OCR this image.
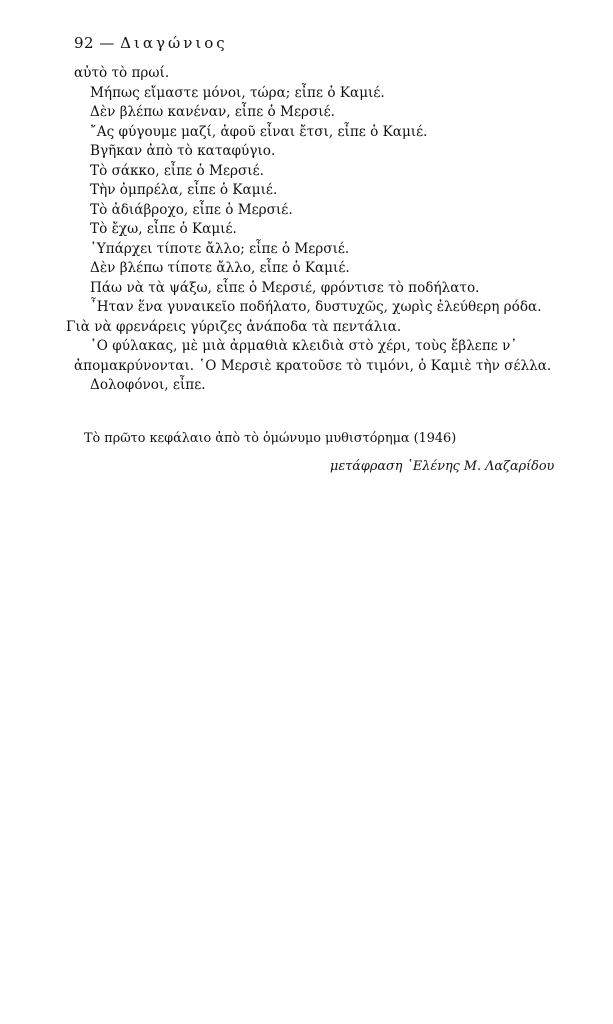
92 — Διαγώνιος
αὐτὸ τὸ πρωί.
Μήπως εἴμαστε μόνοι, τώρα; εἶπε ὁ Καμιέ.
Δὲν βλέπω κανέναν, εἶπε ὁ Μερσιέ.
῎Ας φύγουμε μαζί, ἀφοῦ εἶναι ἔτσι, εἶπε ὁ Καμιέ.
Βγῆκαν ἀπὸ τὸ καταφύγιο.
Τὸ σάκκο, εἶπε ὁ Μερσιέ.
Τὴν ὀμπρέλα, εἶπε ὁ Καμιέ.
Τὸ ἀδιάβροχο, εἶπε ὁ Μερσιέ.
Τὸ ἔχω, εἶπε ὁ Καμιέ.
῾Υπάρχει τίποτε ἄλλο; εἶπε ὁ Μερσιέ.
Δὲν βλέπω τίποτε ἄλλο, εἶπε ὁ Καμιέ.
Πάω νὰ τὰ ψάξω, εἶπε ὁ Μερσιέ, φρόντισε τὸ ποδήλατο.
῏Ηταν ἕνα γυναικεῖο ποδήλατο, δυστυχῶς, χωρὶς ἐλεύθερη ρόδα.
Γιὰ νὰ φρενάρεις γύριζες ἀνάποδα τὰ πεντάλια.
῾Ο φύλακας, μὲ μιὰ ἀρμαθιὰ κλειδιὰ στὸ χέρι, τοὺς ἔβλεπε ν᾿
ἀπομακρύνονται. ῾Ο Μερσιὲ κρατοῦσε τὸ τιμόνι, ὁ Καμιὲ τὴν σέλλα.
Δολοφόνοι, εἶπε.
Τὸ πρῶτο κεφάλαιο ἀπὸ τὸ ὁμώνυμο μυθιστόρημα (1946)
μετάφραση ῾Ελένης Μ. Λαζαρίδου
